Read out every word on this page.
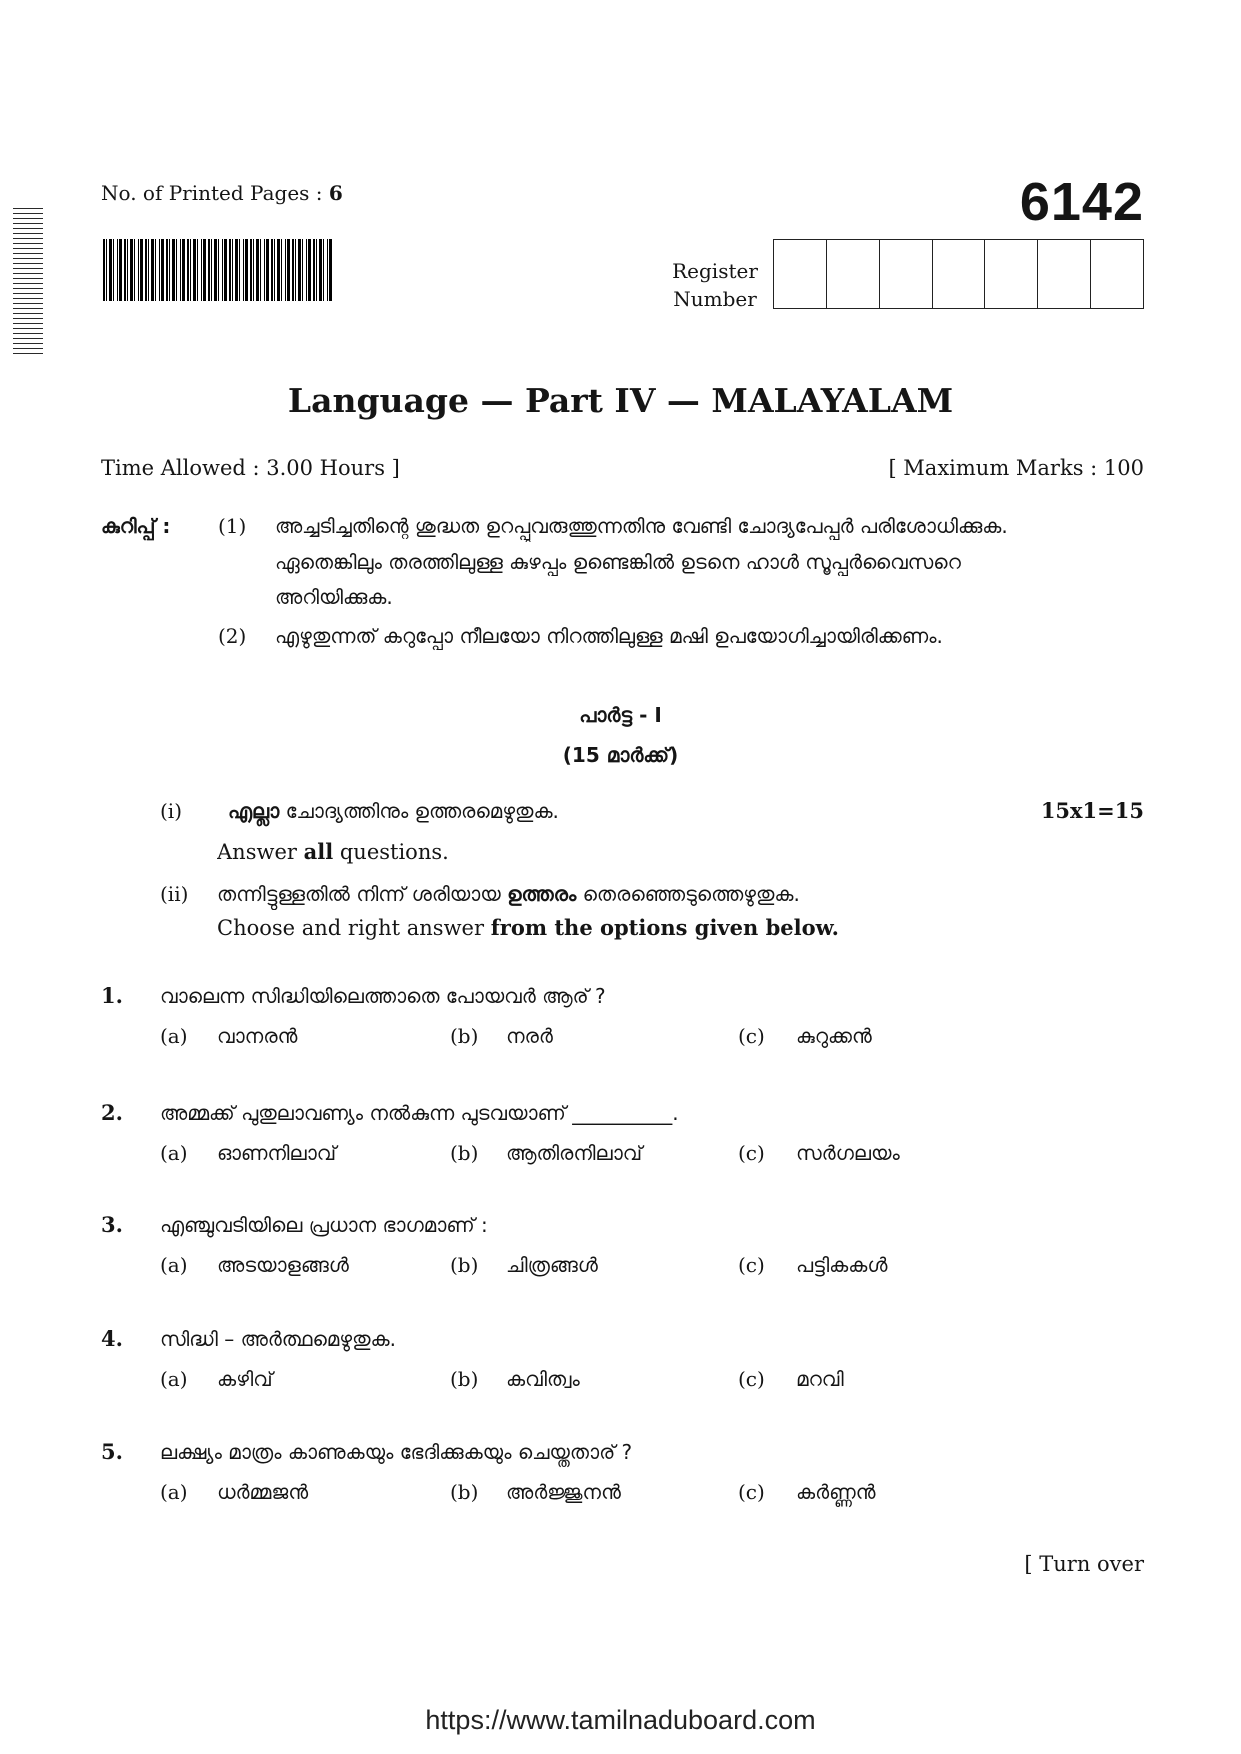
No. of Printed Pages : 6	6142
Register
Number
Language — Part IV — MALAYALAM
Time Allowed : 3.00 Hours ]	[ Maximum Marks : 100
കുറിപ്പ് : (1) അച്ചടിച്ചതിന്റെ ശുദ്ധത ഉറപ്പുവരുത്തുന്നതിനു വേണ്ടി ചോദ്യപേപ്പർ പരിശോധിക്കുക.
ഏതെങ്കിലും തരത്തിലുള്ള കുഴപ്പം ഉണ്ടെങ്കിൽ ഉടനെ ഹാൾ സൂപ്പർവൈസറെ
അറിയിക്കുക.
(2) എഴുതുന്നത് കറുപ്പോ നീലയോ നിറത്തിലുള്ള മഷി ഉപയോഗിച്ചായിരിക്കണം.
പാർട്ട - I
(15 മാർക്ക്)
(i) എല്ലാ ചോദ്യത്തിനും ഉത്തരമെഴുതുക.	15x1=15
Answer all questions.
(ii) തന്നിട്ടുള്ളതിൽ നിന്ന് ശരിയായ ഉത്തരം തെരഞ്ഞെടുത്തെഴുതുക.
Choose and right answer from the options given below.
1. വാലെന്ന സിദ്ധിയിലെത്താതെ പോയവർ ആര് ?
(a) വാനരൻ	(b) നരർ	(c) കുറുക്കൻ
2. അമ്മക്ക് പുതുലാവണ്യം നൽകുന്ന പുടവയാണ് __________.
(a) ഓണനിലാവ്	(b) ആതിരനിലാവ്	(c) സർഗലയം
3. എഞ്ചുവടിയിലെ പ്രധാന ഭാഗമാണ് :
(a) അടയാളങ്ങൾ	(b) ചിത്രങ്ങൾ	(c) പട്ടികകൾ
4. സിദ്ധി – അർത്ഥമെഴുതുക.
(a) കഴിവ്	(b) കവിത്വം	(c) മറവി
5. ലക്ഷ്യം മാത്രം കാണുകയും ഭേദിക്കുകയും ചെയ്തതാര് ?
(a) ധർമ്മജൻ	(b) അർജ്ജുനൻ	(c) കർണ്ണൻ
[ Turn over
https://www.tamilnaduboard.com
